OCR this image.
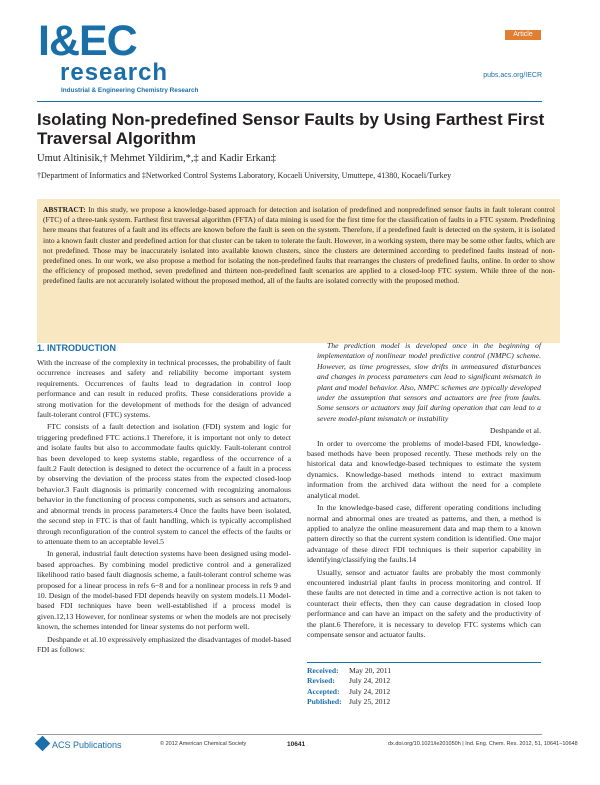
I&EC
research
Industrial & Engineering Chemistry Research
Article
pubs.acs.org/IECR
Isolating Non-predefined Sensor Faults by Using Farthest First Traversal Algorithm
Umut Altinisik,† Mehmet Yildirim,*,‡ and Kadir Erkan‡
†Department of Informatics and ‡Networked Control Systems Laboratory, Kocaeli University, Umuttepe, 41380, Kocaeli/Turkey
ABSTRACT: In this study, we propose a knowledge-based approach for detection and isolation of predefined and nonpredefined sensor faults in fault tolerant control (FTC) of a three-tank system. Farthest first traversal algorithm (FFTA) of data mining is used for the first time for the classification of faults in a FTC system. Predefining here means that features of a fault and its effects are known before the fault is seen on the system. Therefore, if a predefined fault is detected on the system, it is isolated into a known fault cluster and predefined action for that cluster can be taken to tolerate the fault. However, in a working system, there may be some other faults, which are not predefined. Those may be inaccurately isolated into available known clusters, since the clusters are determined according to predefined faults instead of non-predefined ones. In our work, we also propose a method for isolating the non-predefined faults that rearranges the clusters of predefined faults, online. In order to show the efficiency of proposed method, seven predefined and thirteen non-predefined fault scenarios are applied to a closed-loop FTC system. While three of the non-predefined faults are not accurately isolated without the proposed method, all of the faults are isolated correctly with the proposed method.
1. INTRODUCTION

With the increase of the complexity in technical processes, the probability of fault occurrence increases and safety and reliability become important system requirements. Occurrences of faults lead to degradation in control loop performance and can result in reduced profits. These considerations provide a strong motivation for the development of methods for the design of advanced fault-tolerant control (FTC) systems.

FTC consists of a fault detection and isolation (FDI) system and logic for triggering predefined FTC actions.1 Therefore, it is important not only to detect and isolate faults but also to accommodate faults quickly. Fault-tolerant control has been developed to keep systems stable, regardless of the occurrence of a fault.2 Fault detection is designed to detect the occurrence of a fault in a process by observing the deviation of the process states from the expected closed-loop behavior.3 Fault diagnosis is primarily concerned with recognizing anomalous behavior in the functioning of process components, such as sensors and actuators, and abnormal trends in process parameters.4 Once the faults have been isolated, the second step in FTC is that of fault handling, which is typically accomplished through reconfiguration of the control system to cancel the effects of the faults or to attenuate them to an acceptable level.5

In general, industrial fault detection systems have been designed using model-based approaches. By combining model predictive control and a generalized likelihood ratio based fault diagnosis scheme, a fault-tolerant control scheme was proposed for a linear process in refs 6−8 and for a nonlinear process in refs 9 and 10. Design of the model-based FDI depends heavily on system models.11 Model-based FDI techniques have been well-established if a process model is given.12,13 However, for nonlinear systems or when the models are not precisely known, the schemes intended for linear systems do not perform well.

Deshpande et al.10 expressively emphasized the disadvantages of model-based FDI as follows:

The prediction model is developed once in the beginning of implementation of nonlinear model predictive control (NMPC) scheme. However, as time progresses, slow drifts in unmeasured disturbances and changes in process parameters can lead to significant mismatch in plant and model behavior. Also, NMPC schemes are typically developed under the assumption that sensors and actuators are free from faults. Some sensors or actuators may fail during operation that can lead to a severe model-plant mismatch or instability

Deshpande et al.

In order to overcome the problems of model-based FDI, knowledge-based methods have been proposed recently. These methods rely on the historical data and knowledge-based techniques to estimate the system dynamics. Knowledge-based methods intend to extract maximum information from the archived data without the need for a complete analytical model.

In the knowledge-based case, different operating conditions including normal and abnormal ones are treated as patterns, and then, a method is applied to analyze the online measurement data and map them to a known pattern directly so that the current system condition is identified. One major advantage of these direct FDI techniques is their superior capability in identifying/classifying the faults.14

Usually, sensor and actuator faults are probably the most commonly encountered industrial plant faults in process monitoring and control. If these faults are not detected in time and a corrective action is not taken to counteract their effects, then they can cause degradation in closed loop performance and can have an impact on the safety and the productivity of the plant.6 Therefore, it is necessary to develop FTC systems which can compensate sensor and actuator faults.

Received: May 20, 2011
Revised: July 24, 2012
Accepted: July 24, 2012
Published: July 25, 2012
ACS Publications	© 2012 American Chemical Society	10641	dx.doi.org/10.1021/ie201050h | Ind. Eng. Chem. Res. 2012, 51, 10641−10648
